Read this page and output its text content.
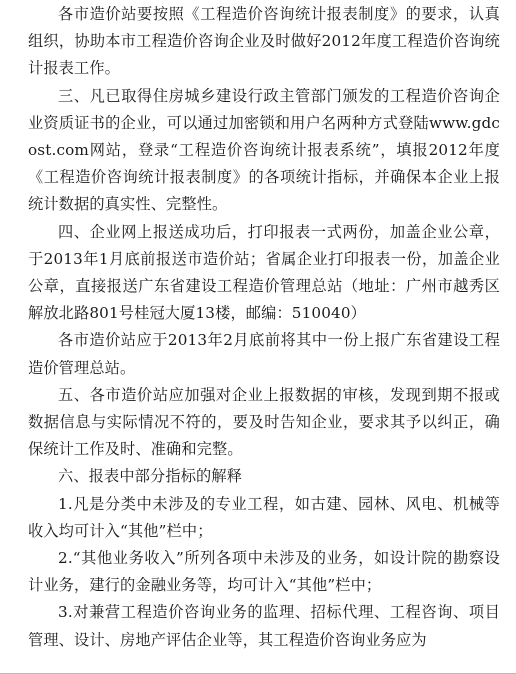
各市造价站要按照《工程造价咨询统计报表制度》的要求，认真组织，协助本市工程造价咨询企业及时做好2012年度工程造价咨询统计报表工作。

三、凡已取得住房城乡建设行政主管部门颁发的工程造价咨询企业资质证书的企业，可以通过加密锁和用户名两种方式登陆www.gdcost.com网站，登录“工程造价咨询统计报表系统”，填报2012年度《工程造价咨询统计报表制度》的各项统计指标，并确保本企业上报统计数据的真实性、完整性。

四、企业网上报送成功后，打印报表一式两份，加盖企业公章，于2013年1月底前报送市造价站；省属企业打印报表一份，加盖企业公章，直接报送广东省建设工程造价管理总站（地址：广州市越秀区解放北路801号桂冠大厦13楼，邮编：510040）

各市造价站应于2013年2月底前将其中一份上报广东省建设工程造价管理总站。

五、各市造价站应加强对企业上报数据的审核，发现到期不报或数据信息与实际情况不符的，要及时告知企业，要求其予以纠正，确保统计工作及时、准确和完整。

六、报表中部分指标的解释

1.凡是分类中未涉及的专业工程，如古建、园林、风电、机械等收入均可计入“其他”栏中；

2.“其他业务收入”所列各项中未涉及的业务，如设计院的勘察设计业务，建行的金融业务等，均可计入“其他”栏中；

3.对兼营工程造价咨询业务的监理、招标代理、工程咨询、项目管理、设计、房地产评估企业等，其工程造价咨询业务应为
